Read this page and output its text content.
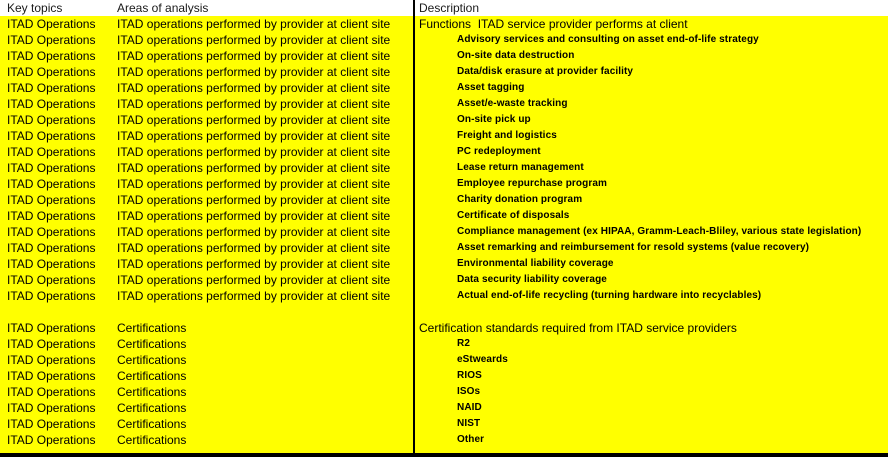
Key topics	Areas of analysis	Description
ITAD Operations	ITAD operations performed by provider at client site	Functions  ITAD service provider performs at client
ITAD Operations	ITAD operations performed by provider at client site	Advisory services and consulting on asset end-of-life strategy
ITAD Operations	ITAD operations performed by provider at client site	On-site data destruction
ITAD Operations	ITAD operations performed by provider at client site	Data/disk erasure at provider facility
ITAD Operations	ITAD operations performed by provider at client site	Asset tagging
ITAD Operations	ITAD operations performed by provider at client site	Asset/e-waste tracking
ITAD Operations	ITAD operations performed by provider at client site	On-site pick up
ITAD Operations	ITAD operations performed by provider at client site	Freight and logistics
ITAD Operations	ITAD operations performed by provider at client site	PC redeployment
ITAD Operations	ITAD operations performed by provider at client site	Lease return management
ITAD Operations	ITAD operations performed by provider at client site	Employee repurchase program
ITAD Operations	ITAD operations performed by provider at client site	Charity donation program
ITAD Operations	ITAD operations performed by provider at client site	Certificate of disposals
ITAD Operations	ITAD operations performed by provider at client site	Compliance management (ex HIPAA, Gramm-Leach-Bliley, various state legislation)
ITAD Operations	ITAD operations performed by provider at client site	Asset remarking and reimbursement for resold systems (value recovery)
ITAD Operations	ITAD operations performed by provider at client site	Environmental liability coverage
ITAD Operations	ITAD operations performed by provider at client site	Data security liability coverage
ITAD Operations	ITAD operations performed by provider at client site	Actual end-of-life recycling (turning hardware into recyclables)
ITAD Operations	Certifications	Certification standards required from ITAD service providers
ITAD Operations	Certifications	R2
ITAD Operations	Certifications	eStweards
ITAD Operations	Certifications	RIOS
ITAD Operations	Certifications	ISOs
ITAD Operations	Certifications	NAID
ITAD Operations	Certifications	NIST
ITAD Operations	Certifications	Other
